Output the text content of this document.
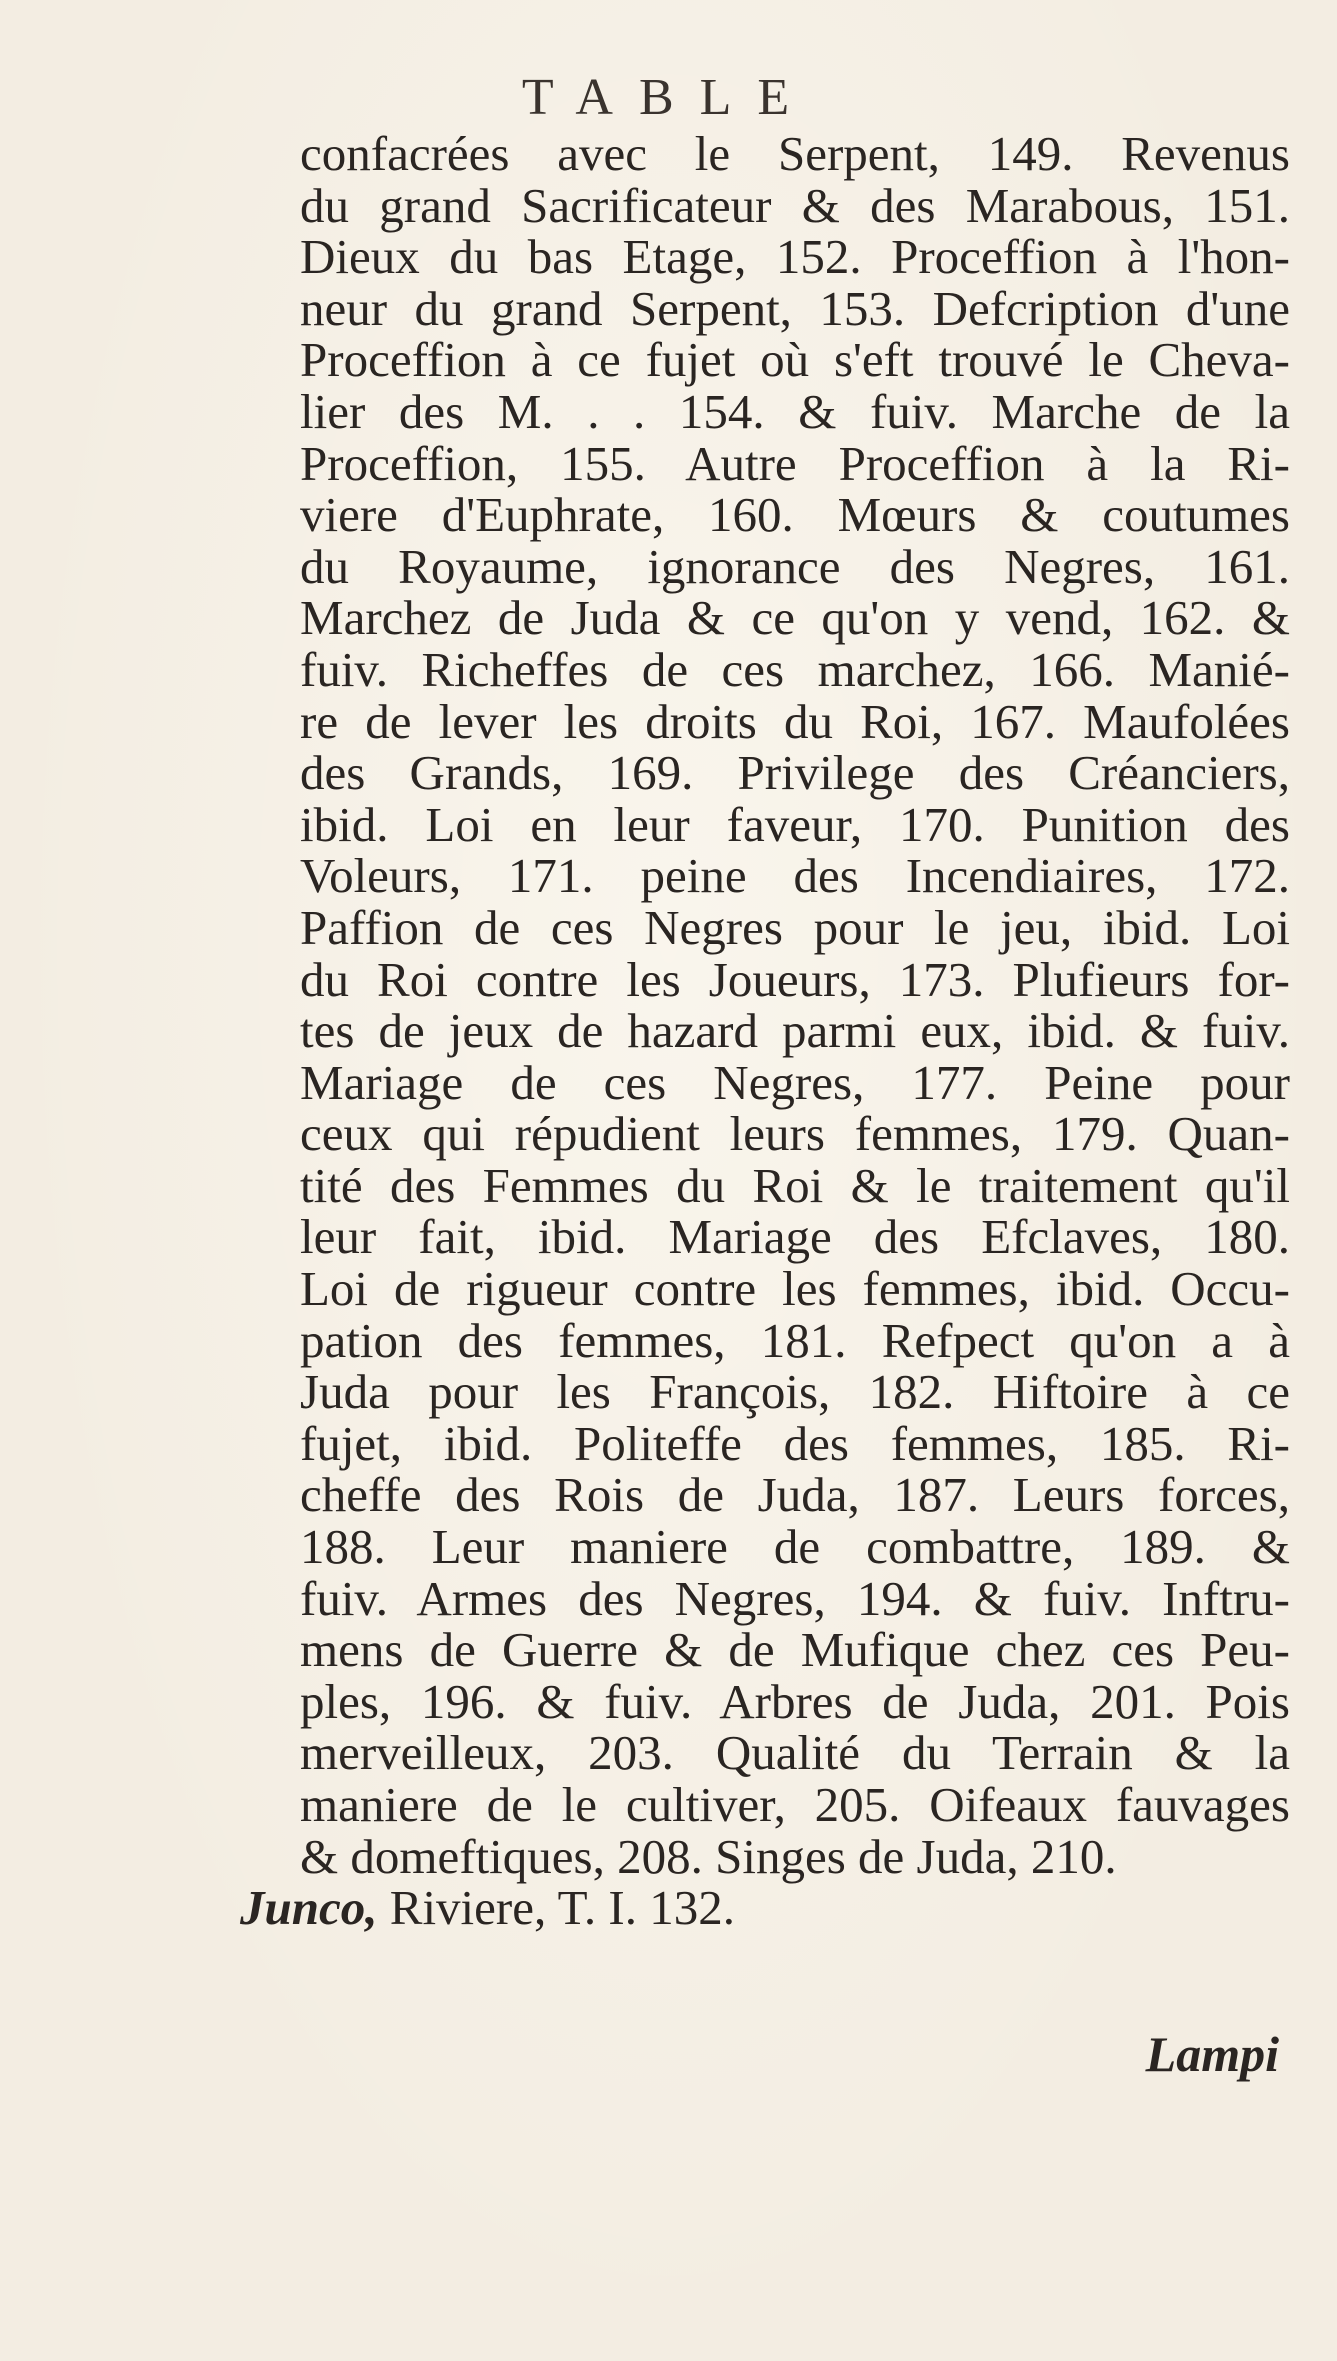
TABLE
confacrées avec le Serpent, 149. Revenus
du grand Sacrificateur & des Marabous, 151.
Dieux du bas Etage, 152. Proceffion à l'hon-
neur du grand Serpent, 153. Defcription d'une
Proceffion à ce fujet où s'eft trouvé le Cheva-
lier des M. . . 154. & fuiv. Marche de la
Proceffion, 155. Autre Proceffion à la Ri-
viere d'Euphrate, 160. Mœurs & coutumes
du Royaume, ignorance des Negres, 161.
Marchez de Juda & ce qu'on y vend, 162. &
fuiv. Richeffes de ces marchez, 166. Manié-
re de lever les droits du Roi, 167. Maufolées
des Grands, 169. Privilege des Créanciers,
ibid. Loi en leur faveur, 170. Punition des
Voleurs, 171. peine des Incendiaires, 172.
Paffion de ces Negres pour le jeu, ibid. Loi
du Roi contre les Joueurs, 173. Plufieurs for-
tes de jeux de hazard parmi eux, ibid. & fuiv.
Mariage de ces Negres, 177. Peine pour
ceux qui répudient leurs femmes, 179. Quan-
tité des Femmes du Roi & le traitement qu'il
leur fait, ibid. Mariage des Efclaves, 180.
Loi de rigueur contre les femmes, ibid. Occu-
pation des femmes, 181. Refpect qu'on a à
Juda pour les François, 182. Hiftoire à ce
fujet, ibid. Politeffe des femmes, 185. Ri-
cheffe des Rois de Juda, 187. Leurs forces,
188. Leur maniere de combattre, 189. &
fuiv. Armes des Negres, 194. & fuiv. Inftru-
mens de Guerre & de Mufique chez ces Peu-
ples, 196. & fuiv. Arbres de Juda, 201. Pois
merveilleux, 203. Qualité du Terrain & la
maniere de le cultiver, 205. Oifeaux fauvages
& domeftiques, 208. Singes de Juda, 210.
Junco, Riviere, T. I. 132.
Lampi
